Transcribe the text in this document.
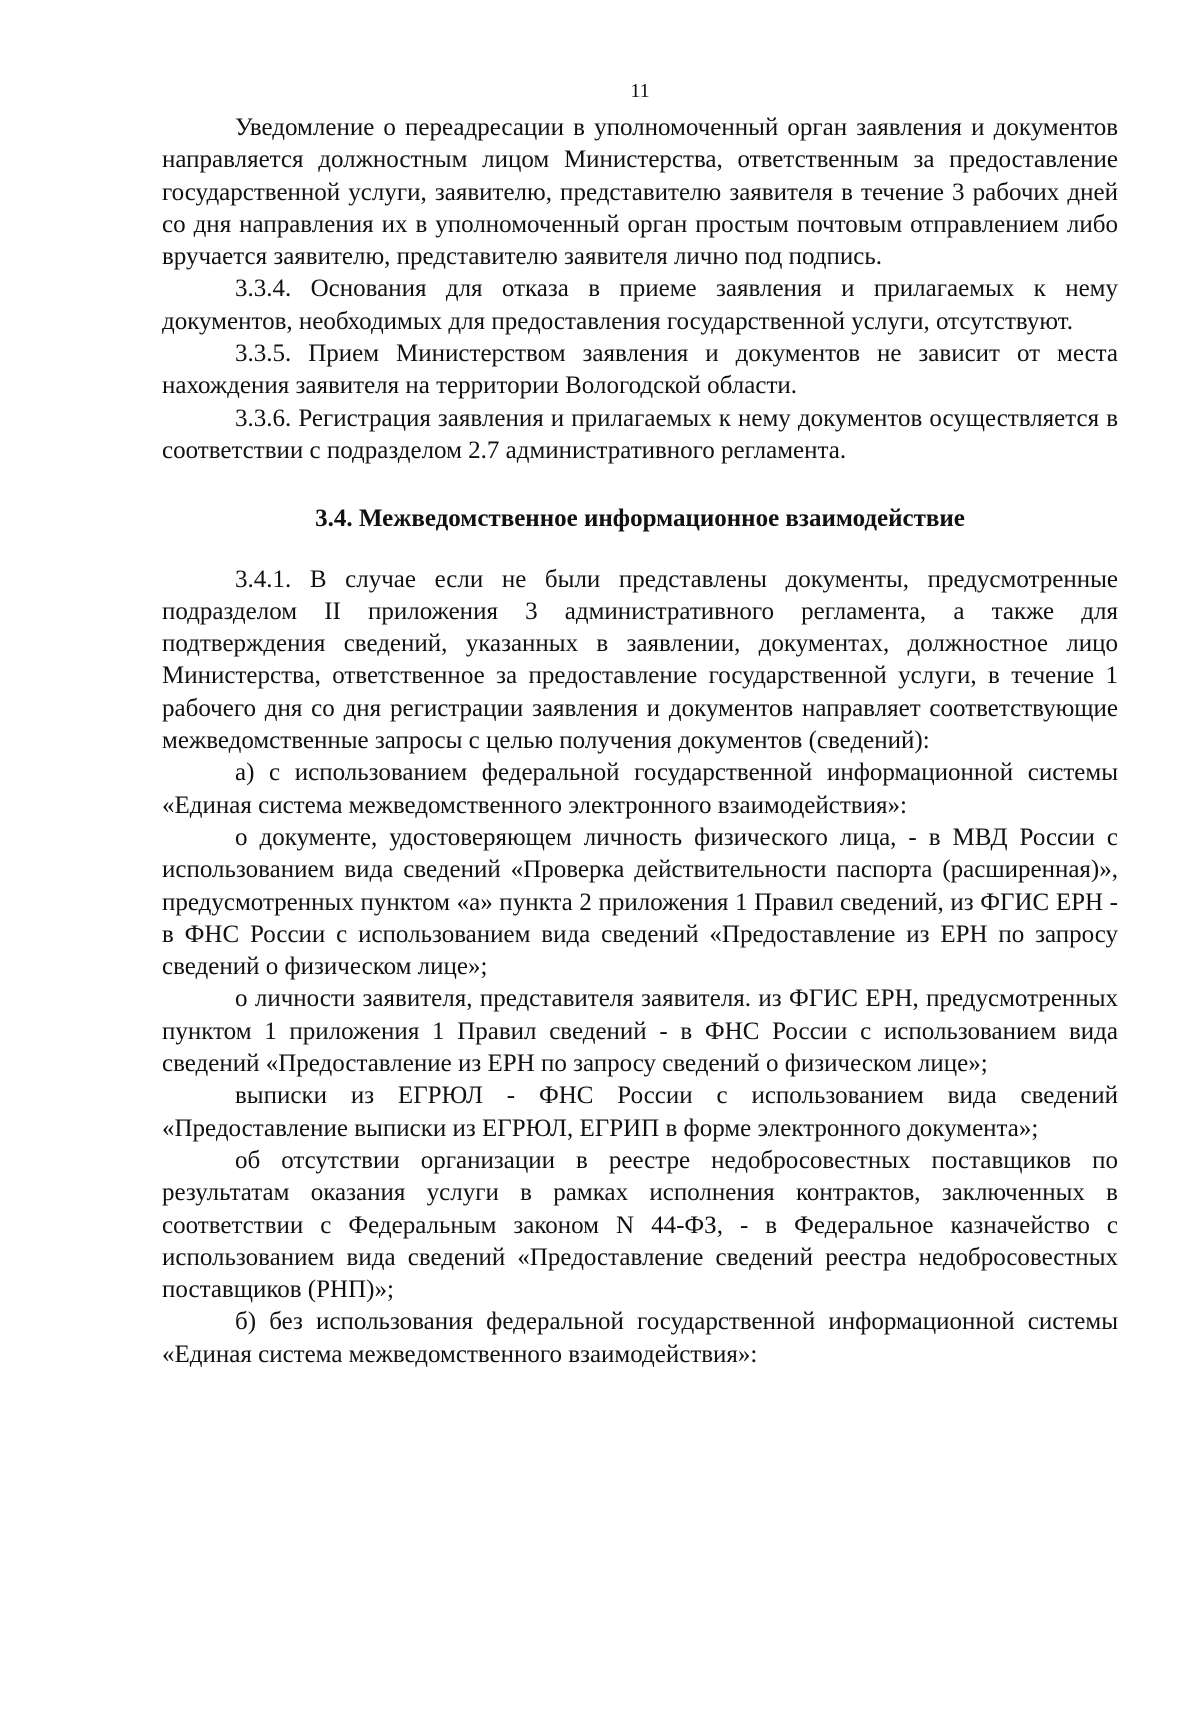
11

Уведомление о переадресации в уполномоченный орган заявления и документов направляется должностным лицом Министерства, ответственным за предоставление государственной услуги, заявителю, представителю заявителя в течение 3 рабочих дней со дня направления их в уполномоченный орган простым почтовым отправлением либо вручается заявителю, представителю заявителя лично под подпись.

3.3.4. Основания для отказа в приеме заявления и прилагаемых к нему документов, необходимых для предоставления государственной услуги, отсутствуют.

3.3.5. Прием Министерством заявления и документов не зависит от места нахождения заявителя на территории Вологодской области.

3.3.6. Регистрация заявления и прилагаемых к нему документов осуществляется в соответствии с подразделом 2.7 административного регламента.

3.4. Межведомственное информационное взаимодействие

3.4.1. В случае если не были представлены документы, предусмотренные подразделом II приложения 3 административного регламента, а также для подтверждения сведений, указанных в заявлении, документах, должностное лицо Министерства, ответственное за предоставление государственной услуги, в течение 1 рабочего дня со дня регистрации заявления и документов направляет соответствующие межведомственные запросы с целью получения документов (сведений):

а) с использованием федеральной государственной информационной системы «Единая система межведомственного электронного взаимодействия»:

о документе, удостоверяющем личность физического лица, - в МВД России с использованием вида сведений «Проверка действительности паспорта (расширенная)», предусмотренных пунктом «а» пункта 2 приложения 1 Правил сведений, из ФГИС ЕРН - в ФНС России с использованием вида сведений «Предоставление из ЕРН по запросу сведений о физическом лице»;

о личности заявителя, представителя заявителя. из ФГИС ЕРН, предусмотренных пунктом 1 приложения 1 Правил сведений - в ФНС России с использованием вида сведений «Предоставление из ЕРН по запросу сведений о физическом лице»;

выписки из ЕГРЮЛ - ФНС России с использованием вида сведений «Предоставление выписки из ЕГРЮЛ, ЕГРИП в форме электронного документа»;

об отсутствии организации в реестре недобросовестных поставщиков по результатам оказания услуги в рамках исполнения контрактов, заключенных в соответствии с Федеральным законом N 44-ФЗ, - в Федеральное казначейство с использованием вида сведений «Предоставление сведений реестра недобросовестных поставщиков (РНП)»;

б) без использования федеральной государственной информационной системы «Единая система межведомственного взаимодействия»:
